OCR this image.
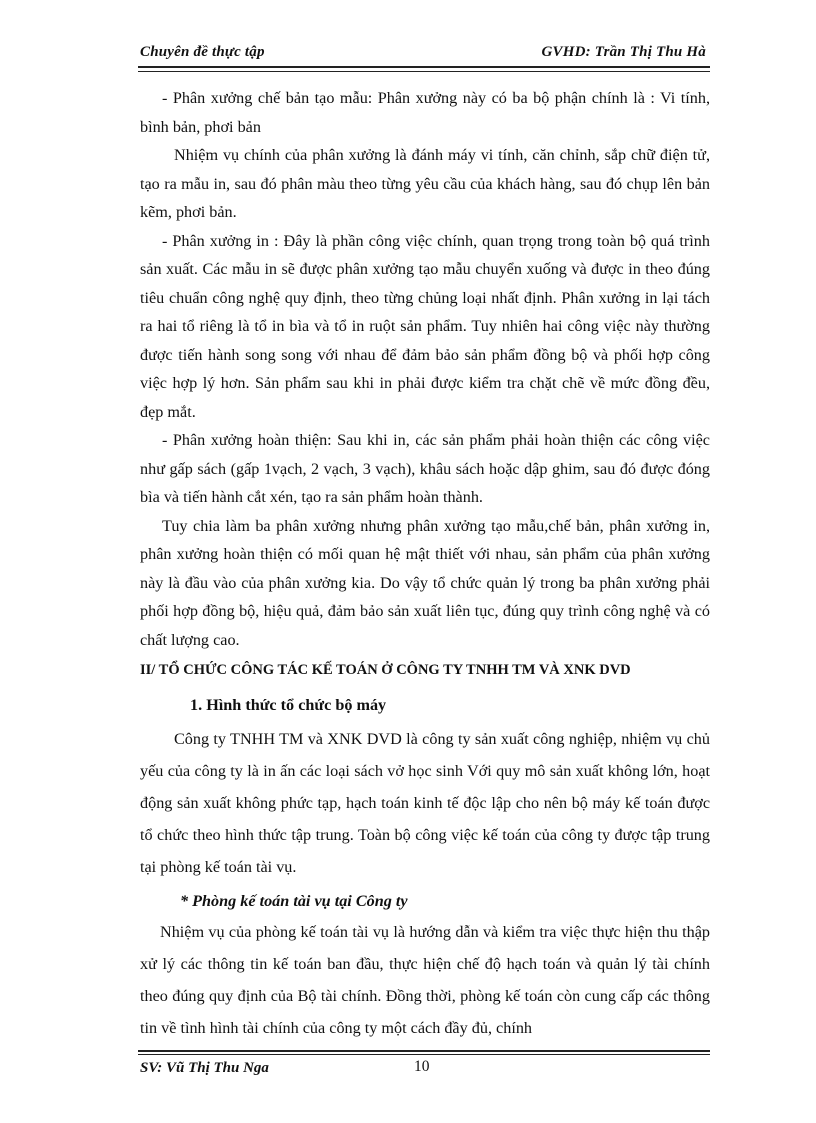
Chuyên đề thực tập	GVHD: Trần Thị Thu Hà

- Phân xưởng chế bản tạo mẫu: Phân xưởng này có ba bộ phận chính là : Vi tính, bình bản, phơi bản

Nhiệm vụ chính của phân xưởng là đánh máy vi tính, căn chỉnh, sắp chữ điện tử, tạo ra mẫu in, sau đó phân màu theo từng yêu cầu của khách hàng, sau đó chụp lên bản kẽm, phơi bản.

- Phân xưởng in : Đây là phần công việc chính, quan trọng trong toàn bộ quá trình sản xuất. Các mẫu in sẽ được phân xưởng tạo mẫu chuyển xuống và được in theo đúng tiêu chuẩn công nghệ quy định, theo từng chủng loại nhất định. Phân xưởng in lại tách ra hai tổ riêng là tổ in bìa và tổ in ruột sản phẩm. Tuy nhiên hai công việc này thường được tiến hành song song với nhau để đảm bảo sản phẩm đồng bộ và phối hợp công việc hợp lý hơn. Sản phẩm sau khi in phải được kiểm tra chặt chẽ về mức đồng đều, đẹp mắt.

- Phân xưởng hoàn thiện: Sau khi in, các sản phẩm phải hoàn thiện các công việc như gấp sách (gấp 1vạch, 2 vạch, 3 vạch), khâu sách hoặc dập ghim, sau đó được đóng bìa và tiến hành cắt xén, tạo ra sản phẩm hoàn thành.

Tuy chia làm ba phân xưởng nhưng phân xưởng tạo mẫu,chế bản, phân xưởng in, phân xưởng hoàn thiện có mối quan hệ mật thiết với nhau, sản phẩm của phân xưởng này là đầu vào của phân xưởng kia. Do vậy tổ chức quản lý trong ba phân xưởng phải phối hợp đồng bộ, hiệu quả, đảm bảo sản xuất liên tục, đúng quy trình công nghệ và có chất lượng cao.

II/ TỔ CHỨC CÔNG TÁC KẾ TOÁN Ở CÔNG TY TNHH TM VÀ XNK DVD

1. Hình thức tổ chức bộ máy

Công ty TNHH TM và XNK DVD là công ty sản xuất công nghiệp, nhiệm vụ chủ yếu của công ty là in ấn các loại sách vở học sinh Với quy mô sản xuất không lớn, hoạt động sản xuất không phức tạp, hạch toán kinh tế độc lập cho nên bộ máy kế toán được tổ chức theo hình thức tập trung. Toàn bộ công việc kế toán của công ty được tập trung tại phòng kế toán tài vụ.

* Phòng kế toán tài vụ tại Công ty

Nhiệm vụ của phòng kế toán tài vụ là hướng dẫn và kiểm tra việc thực hiện thu thập xử lý các thông tin kế toán ban đầu, thực hiện chế độ hạch toán và quản lý tài chính theo đúng quy định của Bộ tài chính. Đồng thời, phòng kế toán còn cung cấp các thông tin về tình hình tài chính của công ty một cách đầy đủ, chính

SV: Vũ Thị Thu Nga	10
